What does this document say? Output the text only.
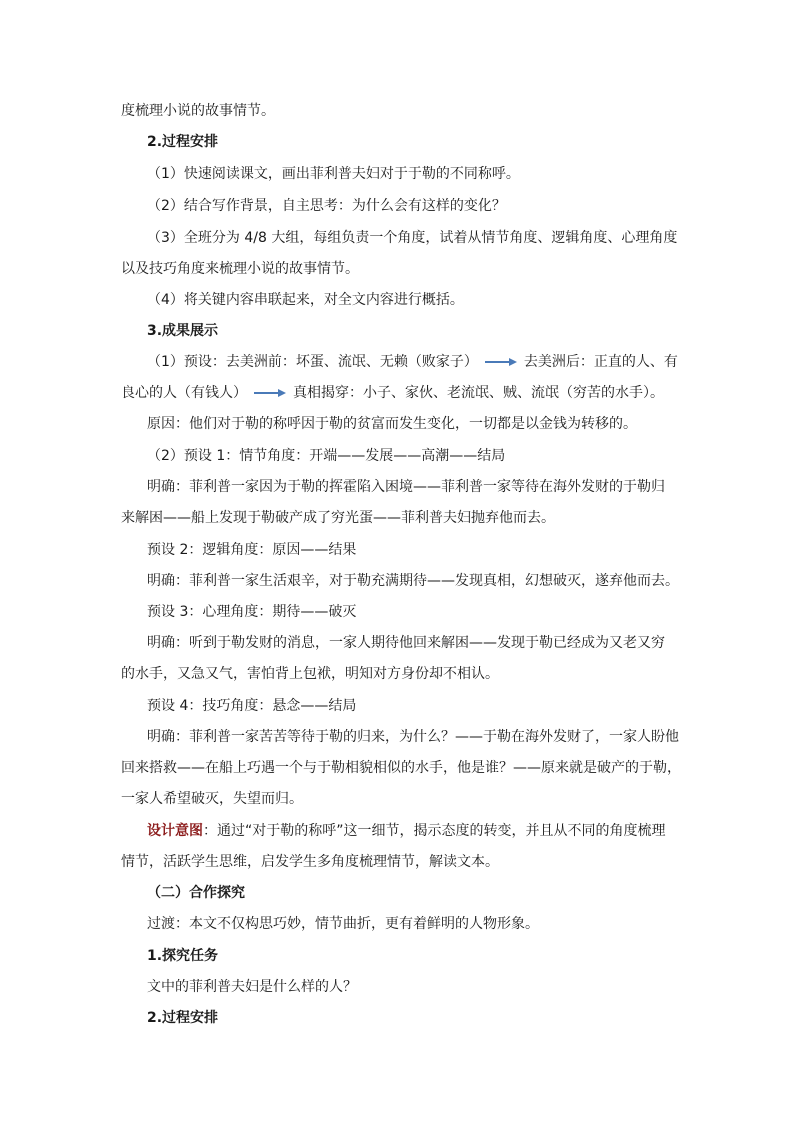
度梳理小说的故事情节。
2.过程安排
（1）快速阅读课文，画出菲利普夫妇对于于勒的不同称呼。
（2）结合写作背景，自主思考：为什么会有这样的变化？
（3）全班分为 4/8 大组，每组负责一个角度，试着从情节角度、逻辑角度、心理角度
以及技巧角度来梳理小说的故事情节。
（4）将关键内容串联起来，对全文内容进行概括。
3.成果展示
（1）预设：去美洲前：坏蛋、流氓、无赖（败家子）	去美洲后：正直的人、有
良心的人（有钱人）	真相揭穿：小子、家伙、老流氓、贼、流氓（穷苦的水手）。
原因：他们对于勒的称呼因于勒的贫富而发生变化，一切都是以金钱为转移的。
（2）预设 1：情节角度：开端——发展——高潮——结局
明确：菲利普一家因为于勒的挥霍陷入困境——菲利普一家等待在海外发财的于勒归
来解困——船上发现于勒破产成了穷光蛋——菲利普夫妇抛弃他而去。
预设 2：逻辑角度：原因——结果
明确：菲利普一家生活艰辛，对于勒充满期待——发现真相，幻想破灭，遂弃他而去。
预设 3：心理角度：期待——破灭
明确：听到于勒发财的消息，一家人期待他回来解困——发现于勒已经成为又老又穷
的水手，又急又气，害怕背上包袱，明知对方身份却不相认。
预设 4：技巧角度：悬念——结局
明确：菲利普一家苦苦等待于勒的归来，为什么？——于勒在海外发财了，一家人盼他
回来搭救——在船上巧遇一个与于勒相貌相似的水手，他是谁？——原来就是破产的于勒，
一家人希望破灭，失望而归。
设计意图：通过“对于勒的称呼”这一细节，揭示态度的转变，并且从不同的角度梳理
情节，活跃学生思维，启发学生多角度梳理情节，解读文本。
（二）合作探究
过渡：本文不仅构思巧妙，情节曲折，更有着鲜明的人物形象。
1.探究任务
文中的菲利普夫妇是什么样的人？
2.过程安排
